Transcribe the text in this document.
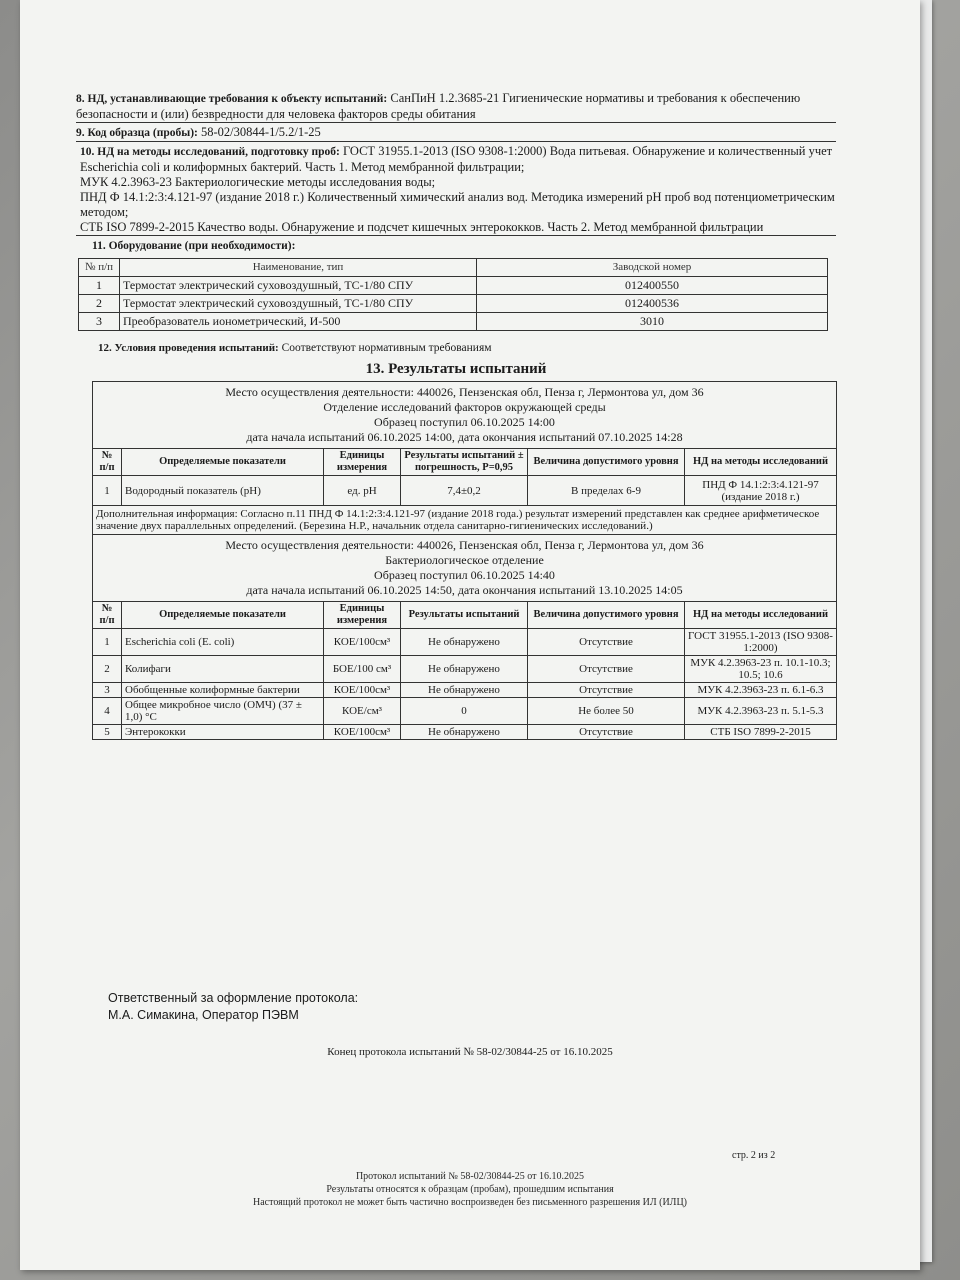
8. НД, устанавливающие требования к объекту испытаний: СанПиН 1.2.3685-21 Гигиенические нормативы и требования к обеспечению безопасности и (или) безвредности для человека факторов среды обитания
9. Код образца (пробы): 58-02/30844-1/5.2/1-25
10. НД на методы исследований, подготовку проб: ГОСТ 31955.1-2013 (ISO 9308-1:2000) Вода питьевая. Обнаружение и количественный учет Escherichia coli и колиформных бактерий. Часть 1. Метод мембранной фильтрации;
МУК 4.2.3963-23 Бактериологические методы исследования воды;
ПНД Ф 14.1:2:3:4.121-97 (издание 2018 г.) Количественный химический анализ вод. Методика измерений pH проб вод потенциометрическим методом;
СТБ ISO 7899-2-2015 Качество воды. Обнаружение и подсчет кишечных энтерококков. Часть 2. Метод мембранной фильтрации
11. Оборудование (при необходимости):
№ п/п	Наименование, тип	Заводской номер
1	Термостат электрический суховоздушный, ТС-1/80 СПУ	012400550
2	Термостат электрический суховоздушный, ТС-1/80 СПУ	012400536
3	Преобразователь ионометрический, И-500	3010
12. Условия проведения испытаний: Соответствуют нормативным требованиям
13. Результаты испытаний
Место осуществления деятельности: 440026, Пензенская обл, Пенза г, Лермонтова ул, дом 36
Отделение исследований факторов окружающей среды
Образец поступил 06.10.2025 14:00
дата начала испытаний 06.10.2025 14:00, дата окончания испытаний 07.10.2025 14:28					
№ п/п	Определяемые показатели	Единицы измерения	Результаты испытаний ± погрешность, P=0,95	Величина допустимого уровня	НД на методы исследований
1	Водородный показатель (pH)	ед. pH	7,4±0,2	В пределах 6-9	ПНД Ф 14.1:2:3:4.121-97 (издание 2018 г.)
Дополнительная информация: Согласно п.11 ПНД Ф 14.1:2:3:4.121-97 (издание 2018 года.) результат измерений представлен как среднее арифметическое значение двух параллельных определений. (Березина Н.Р., начальник отдела санитарно-гигиенических исследований.)					
Место осуществления деятельности: 440026, Пензенская обл, Пенза г, Лермонтова ул, дом 36
Бактериологическое отделение
Образец поступил 06.10.2025 14:40
дата начала испытаний 06.10.2025 14:50, дата окончания испытаний 13.10.2025 14:05					
№ п/п	Определяемые показатели	Единицы измерения	Результаты испытаний	Величина допустимого уровня	НД на методы исследований
1	Escherichia coli (E. coli)	КОЕ/100см³	Не обнаружено	Отсутствие	ГОСТ 31955.1-2013 (ISO 9308-1:2000)
2	Колифаги	БОЕ/100 см³	Не обнаружено	Отсутствие	МУК 4.2.3963-23 п. 10.1-10.3; 10.5; 10.6
3	Обобщенные колиформные бактерии	КОЕ/100см³	Не обнаружено	Отсутствие	МУК 4.2.3963-23 п. 6.1-6.3
4	Общее микробное число (ОМЧ) (37 ± 1,0) °С	КОЕ/см³	0	Не более 50	МУК 4.2.3963-23 п. 5.1-5.3
5	Энтерококки	КОЕ/100см³	Не обнаружено	Отсутствие	СТБ ISO 7899-2-2015
Ответственный за оформление протокола:
М.А. Симакина, Оператор ПЭВМ
Конец протокола испытаний № 58-02/30844-25 от 16.10.2025
стр. 2 из 2
Протокол испытаний № 58-02/30844-25 от 16.10.2025
Результаты относятся к образцам (пробам), прошедшим испытания
Настоящий протокол не может быть частично воспроизведен без письменного разрешения ИЛ (ИЛЦ)
